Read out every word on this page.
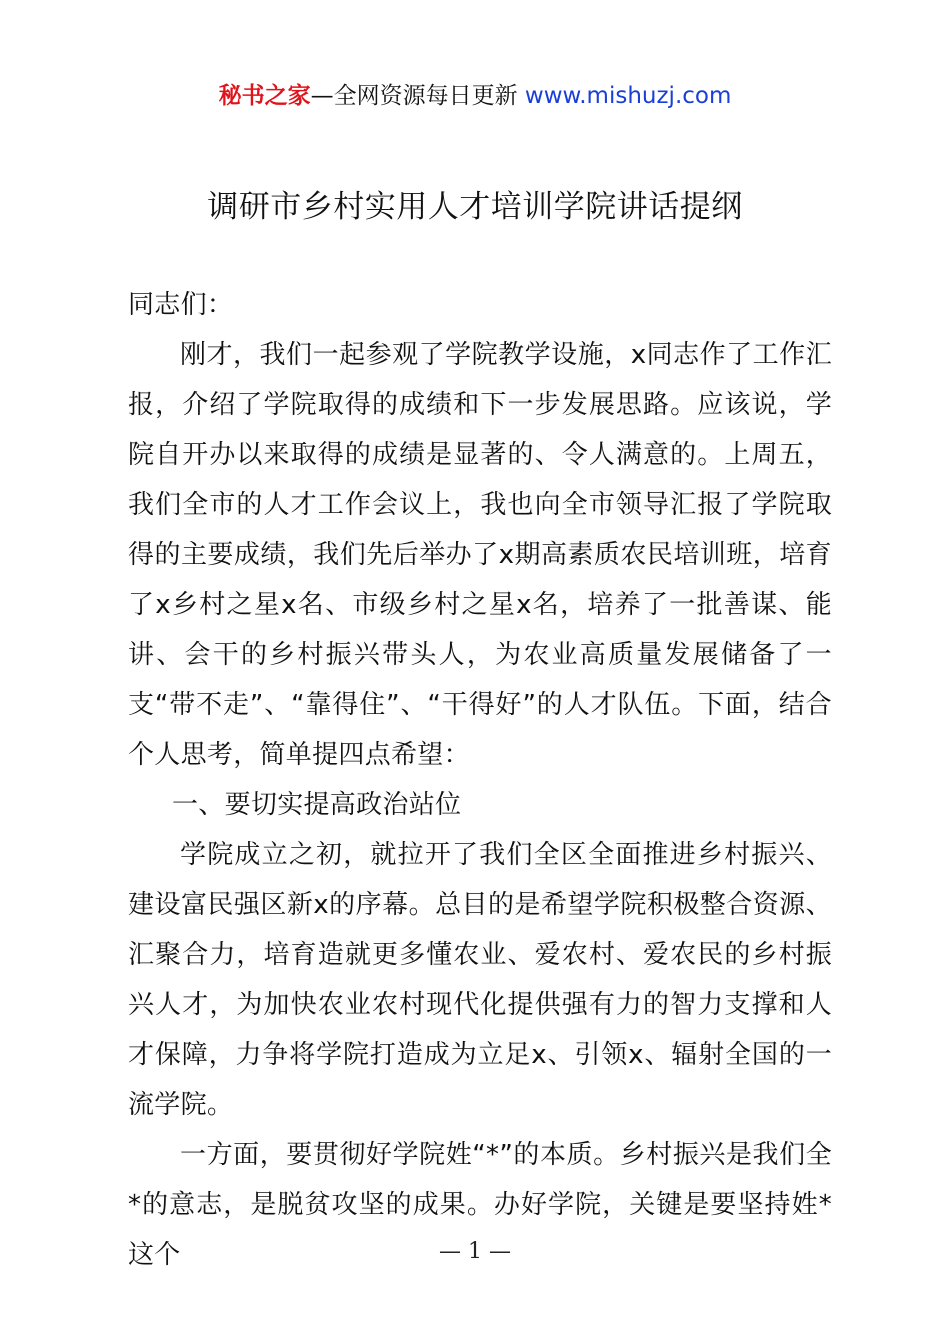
秘书之家—全网资源每日更新 www.mishuzj.com
调研市乡村实用人才培训学院讲话提纲

同志们：

刚才，我们一起参观了学院教学设施，x同志作了工作汇报，介绍了学院取得的成绩和下一步发展思路。应该说，学院自开办以来取得的成绩是显著的、令人满意的。上周五，我们全市的人才工作会议上，我也向全市领导汇报了学院取得的主要成绩，我们先后举办了x期高素质农民培训班，培育了x乡村之星x名、市级乡村之星x名，培养了一批善谋、能讲、会干的乡村振兴带头人，为农业高质量发展储备了一支“带不走”、“靠得住”、“干得好”的人才队伍。下面，结合个人思考，简单提四点希望：

一、要切实提高政治站位

学院成立之初，就拉开了我们全区全面推进乡村振兴、建设富民强区新x的序幕。总目的是希望学院积极整合资源、汇聚合力，培育造就更多懂农业、爱农村、爱农民的乡村振兴人才，为加快农业农村现代化提供强有力的智力支撑和人才保障，力争将学院打造成为立足x、引领x、辐射全国的一流学院。

一方面，要贯彻好学院姓“*”的本质。乡村振兴是我们全*的意志，是脱贫攻坚的成果。办好学院，关键是要坚持姓*这个	— 1 —
